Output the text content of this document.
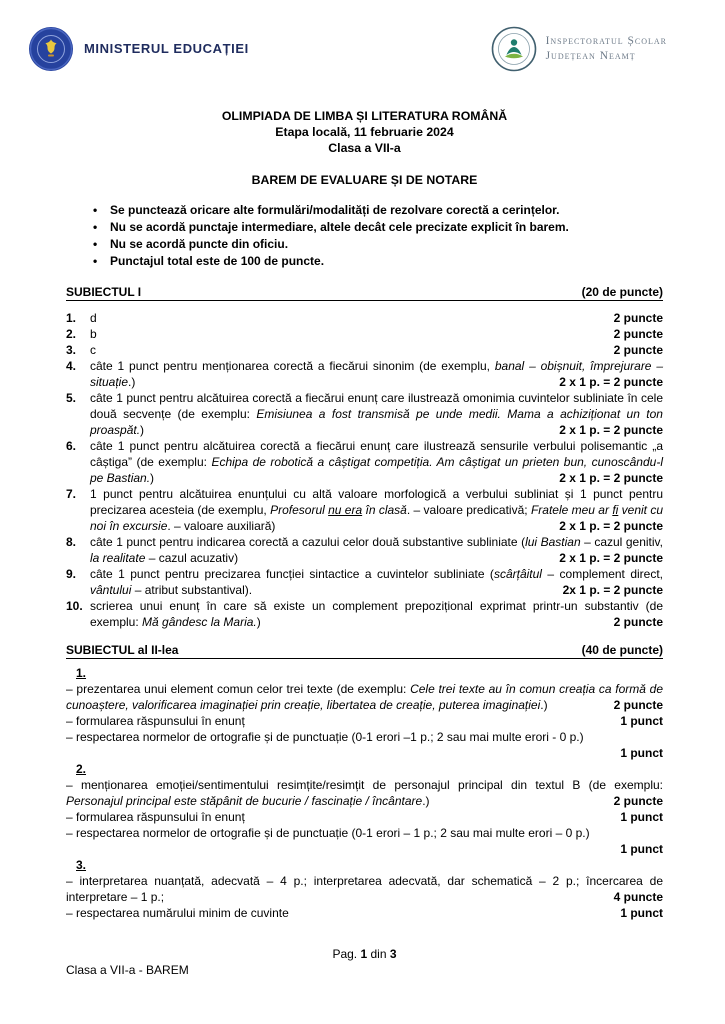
MINISTERUL EDUCAȚIEI	Inspectoratul Școlar
Județean Neamț
OLIMPIADA DE LIMBA ȘI LITERATURA ROMÂNĂ
Etapa locală, 11 februarie 2024
Clasa a VII-a
BAREM DE EVALUARE ȘI DE NOTARE
• Se punctează oricare alte formulări/modalități de rezolvare corectă a cerințelor.
• Nu se acordă punctaje intermediare, altele decât cele precizate explicit în barem.
• Nu se acordă puncte din oficiu.
• Punctajul total este de 100 de puncte.
SUBIECTUL I	(20 de puncte)
1. d	2 puncte
2. b	2 puncte
3. c	2 puncte
4. câte 1 punct pentru menționarea corectă a fiecărui sinonim (de exemplu, banal – obișnuit, împrejurare – situație.)	2 x 1 p. = 2 puncte
5. câte 1 punct pentru alcătuirea corectă a fiecărui enunț care ilustrează omonimia cuvintelor subliniate în cele două secvențe (de exemplu: Emisiunea a fost transmisă pe unde medii. Mama a achiziționat un ton proaspăt.)	2 x 1 p. = 2 puncte
6. câte 1 punct pentru alcătuirea corectă a fiecărui enunț care ilustrează sensurile verbului polisemantic „a câștiga” (de exemplu: Echipa de robotică a câștigat competiția. Am câștigat un prieten bun, cunoscându-l pe Bastian.)	2 x 1 p. = 2 puncte
7. 1 punct pentru alcătuirea enunțului cu altă valoare morfologică a verbului subliniat și 1 punct pentru precizarea acesteia (de exemplu, Profesorul nu era în clasă. – valoare predicativă; Fratele meu ar fi venit cu noi în excursie. – valoare auxiliară)	2 x 1 p. = 2 puncte
8. câte 1 punct pentru indicarea corectă a cazului celor două substantive subliniate (lui Bastian – cazul genitiv, la realitate – cazul acuzativ)	2 x 1 p. = 2 puncte
9. câte 1 punct pentru precizarea funcției sintactice a cuvintelor subliniate (scârțâitul – complement direct, vântului – atribut substantival).	2x 1 p. = 2 puncte
10. scrierea unui enunț în care să existe un complement prepozițional exprimat printr-un substantiv (de exemplu: Mă gândesc la Maria.)	2 puncte
SUBIECTUL al II-lea	(40 de puncte)
1.
– prezentarea unui element comun celor trei texte (de exemplu: Cele trei texte au în comun creația ca formă de cunoaștere, valorificarea imaginației prin creație, libertatea de creație, puterea imaginației.)	2 puncte
– formularea răspunsului în enunț	1 punct
– respectarea normelor de ortografie și de punctuație (0-1 erori –1 p.; 2 sau mai multe erori - 0 p.)
1 punct
2.
– menționarea emoției/sentimentului resimțite/resimțit de personajul principal din textul B (de exemplu: Personajul principal este stăpânit de bucurie / fascinație / încântare.)	2 puncte
– formularea răspunsului în enunț	1 punct
– respectarea normelor de ortografie și de punctuație (0-1 erori – 1 p.; 2 sau mai multe erori – 0 p.)
1 punct
3.
– interpretarea nuanțată, adecvată – 4 p.; interpretarea adecvată, dar schematică – 2 p.; încercarea de interpretare – 1 p.;	4 puncte
– respectarea numărului minim de cuvinte	1 punct
Pag. 1 din 3
Clasa a VII-a - BAREM
